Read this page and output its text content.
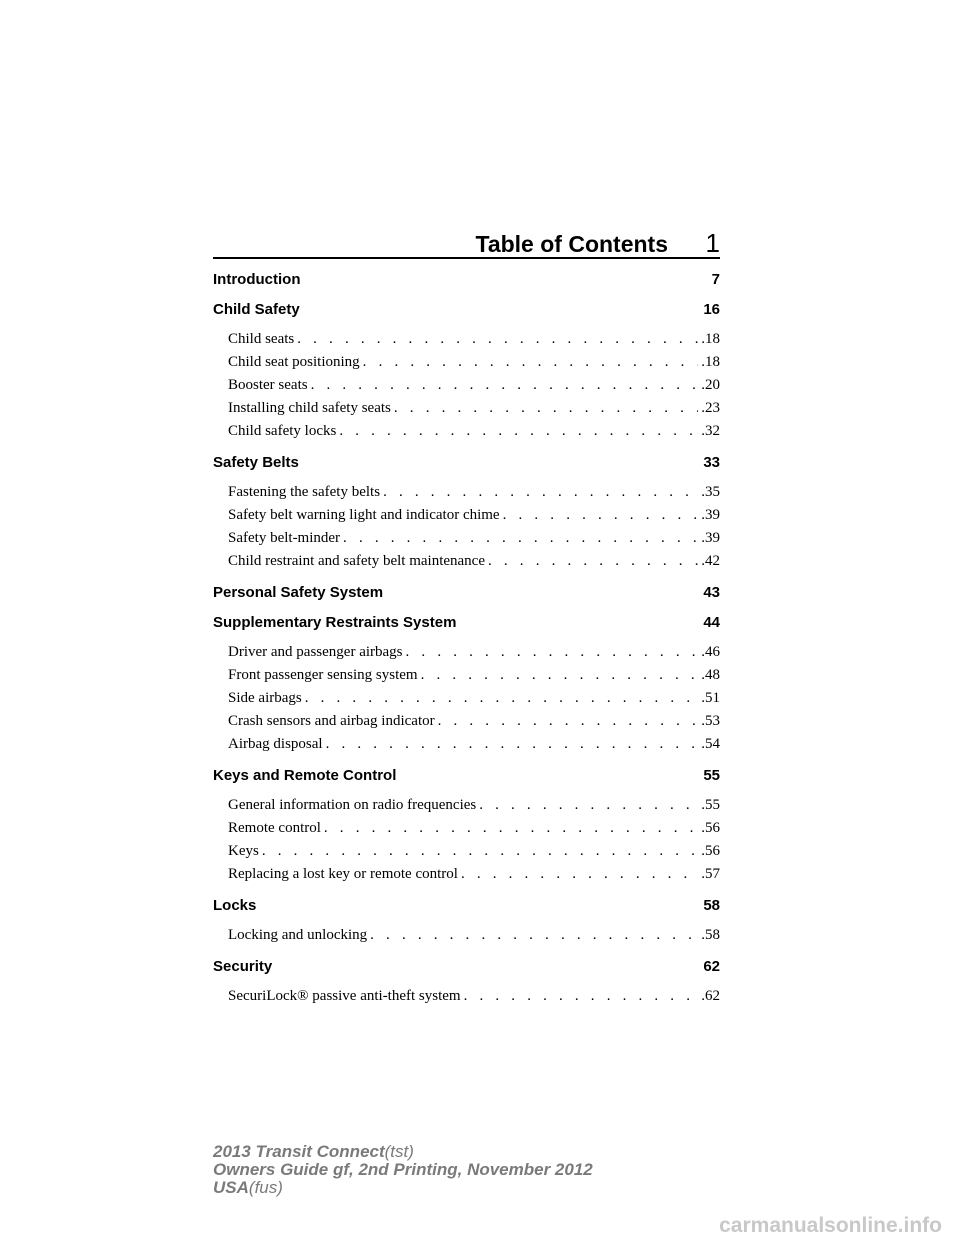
Table of Contents 1
Introduction	7
Child Safety	16
Child seats . . .	.18
Child seat positioning . . .	.18
Booster seats . . .	.20
Installing child safety seats . . .	.23
Child safety locks . . .	.32
Safety Belts	33
Fastening the safety belts . . .	.35
Safety belt warning light and indicator chime . . .	.39
Safety belt-minder . . .	.39
Child restraint and safety belt maintenance . . .	.42
Personal Safety System	43
Supplementary Restraints System	44
Driver and passenger airbags . . .	.46
Front passenger sensing system . . .	.48
Side airbags . . .	.51
Crash sensors and airbag indicator . . .	.53
Airbag disposal . . .	.54
Keys and Remote Control	55
General information on radio frequencies . . .	.55
Remote control . . .	.56
Keys . . .	.56
Replacing a lost key or remote control . . .	.57
Locks	58
Locking and unlocking . . .	.58
Security	62
SecuriLock® passive anti-theft system . . .	.62
2013 Transit Connect(tst)
Owners Guide gf, 2nd Printing, November 2012
USA(fus)
carmanualsonline.info
